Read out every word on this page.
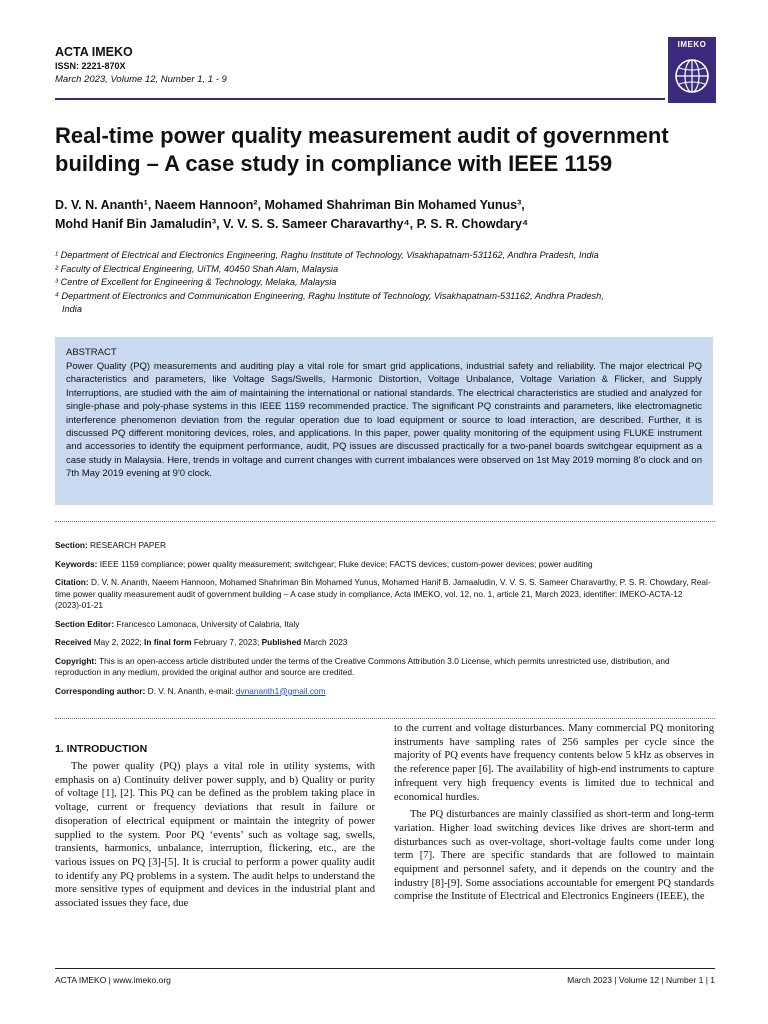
ACTA IMEKO
ISSN: 2221-870X
March 2023, Volume 12, Number 1, 1 - 9
IMEKO
Real-time power quality measurement audit of government building – A case study in compliance with IEEE 1159
D. V. N. Ananth¹, Naeem Hannoon², Mohamed Shahriman Bin Mohamed Yunus³,
Mohd Hanif Bin Jamaludin³, V. V. S. S. Sameer Charavarthy⁴, P. S. R. Chowdary⁴
¹ Department of Electrical and Electronics Engineering, Raghu Institute of Technology, Visakhapatnam-531162, Andhra Pradesh, India
² Faculty of Electrical Engineering, UiTM, 40450 Shah Alam, Malaysia
³ Centre of Excellent for Engineering & Technology, Melaka, Malaysia
⁴ Department of Electronics and Communication Engineering, Raghu Institute of Technology, Visakhapatnam-531162, Andhra Pradesh,
India
ABSTRACT
Power Quality (PQ) measurements and auditing play a vital role for smart grid applications, industrial safety and reliability. The major electrical PQ characteristics and parameters, like Voltage Sags/Swells, Harmonic Distortion, Voltage Unbalance, Voltage Variation & Flicker, and Supply Interruptions, are studied with the aim of maintaining the international or national standards. The electrical characteristics are studied and analyzed for single-phase and poly-phase systems in this IEEE 1159 recommended practice. The significant PQ constraints and parameters, like electromagnetic interference phenomenon deviation from the regular operation due to load equipment or source to load interaction, are described. Further, it is discussed PQ different monitoring devices, roles, and applications. In this paper, power quality monitoring of the equipment using FLUKE instrument and accessories to identify the equipment performance, audit, PQ issues are discussed practically for a two-panel boards switchgear equipment as a case study in Malaysia. Here, trends in voltage and current changes with current imbalances were observed on 1st May 2019 morning 8'o clock and on 7th May 2019 evening at 9'0 clock.

Section: RESEARCH PAPER

Keywords: IEEE 1159 compliance; power quality measurement; switchgear; Fluke device; FACTS devices; custom-power devices; power auditing

Citation: D. V. N. Ananth, Naeem Hannoon, Mohamed Shahriman Bin Mohamed Yunus, Mohamed Hanif B. Jamaaludin, V. V. S. S. Sameer Charavarthy, P. S. R. Chowdary, Real-time power quality measurement audit of government building – A case study in compliance, Acta IMEKO, vol. 12, no. 1, article 21, March 2023, identifier: IMEKO-ACTA-12 (2023)-01-21

Section Editor: Francesco Lamonaca, University of Calabria, Italy

Received May 2, 2022; In final form February 7, 2023; Published March 2023

Copyright: This is an open-access article distributed under the terms of the Creative Commons Attribution 3.0 License, which permits unrestricted use, distribution, and reproduction in any medium, provided the original author and source are credited.

Corresponding author: D. V. N. Ananth, e-mail: dvnananth1@gmail.com

1. INTRODUCTION
The power quality (PQ) plays a vital role in utility systems, with emphasis on a) Continuity deliver power supply, and b) Quality or purity of voltage [1], [2]. This PQ can be defined as the problem taking place in voltage, current or frequency deviations that result in failure or disoperation of electrical equipment or maintain the integrity of power supplied to the system. Poor PQ ‘events’ such as voltage sag, swells, transients, harmonics, unbalance, interruption, flickering, etc., are the various issues on PQ [3]-[5]. It is crucial to perform a power quality audit to identify any PQ problems in a system. The audit helps to understand the more sensitive types of equipment and devices in the industrial plant and associated issues they face, due
to the current and voltage disturbances. Many commercial PQ monitoring instruments have sampling rates of 256 samples per cycle since the majority of PQ events have frequency contents below 5 kHz as observes in the reference paper [6]. The availability of high-end instruments to capture infrequent very high frequency events is limited due to technical and economical hurdles.
The PQ disturbances are mainly classified as short-term and long-term variation. Higher load switching devices like drives are short-term and disturbances such as over-voltage, short-voltage faults come under long term [7]. There are specific standards that are followed to maintain equipment and personnel safety, and it depends on the country and the industry [8]-[9]. Some associations accountable for emergent PQ standards comprise the Institute of Electrical and Electronics Engineers (IEEE), the
ACTA IMEKO | www.imeko.org	March 2023 | Volume 12 | Number 1 | 1
